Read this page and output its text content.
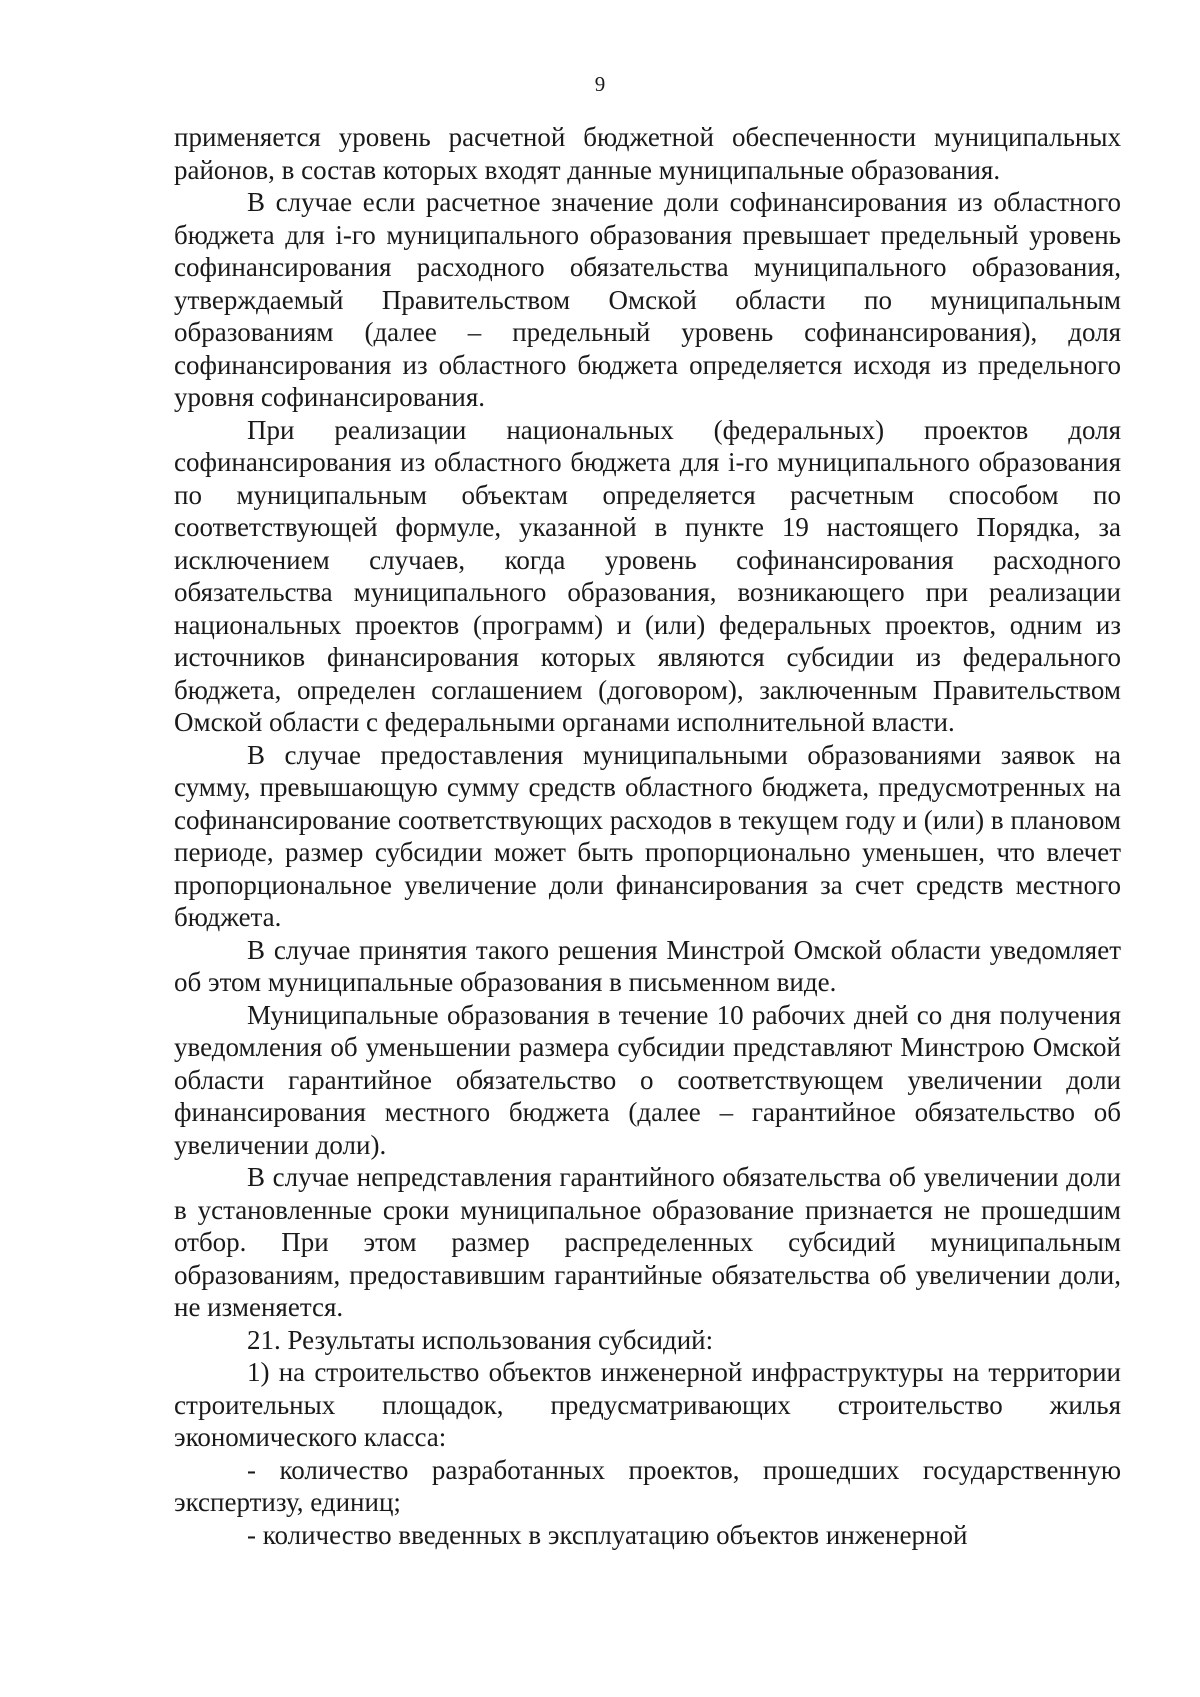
9

применяется уровень расчетной бюджетной обеспеченности муниципальных районов, в состав которых входят данные муниципальные образования.

В случае если расчетное значение доли софинансирования из областного бюджета для i-го муниципального образования превышает предельный уровень софинансирования расходного обязательства муниципального образования, утверждаемый Правительством Омской области по муниципальным образованиям (далее – предельный уровень софинансирования), доля софинансирования из областного бюджета определяется исходя из предельного уровня софинансирования.

При реализации национальных (федеральных) проектов доля софинансирования из областного бюджета для i-го муниципального образования по муниципальным объектам определяется расчетным способом по соответствующей формуле, указанной в пункте 19 настоящего Порядка, за исключением случаев, когда уровень софинансирования расходного обязательства муниципального образования, возникающего при реализации национальных проектов (программ) и (или) федеральных проектов, одним из источников финансирования которых являются субсидии из федерального бюджета, определен соглашением (договором), заключенным Правительством Омской области с федеральными органами исполнительной власти.

В случае предоставления муниципальными образованиями заявок на сумму, превышающую сумму средств областного бюджета, предусмотренных на софинансирование соответствующих расходов в текущем году и (или) в плановом периоде, размер субсидии может быть пропорционально уменьшен, что влечет пропорциональное увеличение доли финансирования за счет средств местного бюджета.

В случае принятия такого решения Минстрой Омской области уведомляет об этом муниципальные образования в письменном виде.

Муниципальные образования в течение 10 рабочих дней со дня получения уведомления об уменьшении размера субсидии представляют Минстрою Омской области гарантийное обязательство о соответствующем увеличении доли финансирования местного бюджета (далее – гарантийное обязательство об увеличении доли).

В случае непредставления гарантийного обязательства об увеличении доли в установленные сроки муниципальное образование признается не прошедшим отбор. При этом размер распределенных субсидий муниципальным образованиям, предоставившим гарантийные обязательства об увеличении доли, не изменяется.

21. Результаты использования субсидий:

1) на строительство объектов инженерной инфраструктуры на территории строительных площадок, предусматривающих строительство жилья экономического класса:

- количество разработанных проектов, прошедших государственную экспертизу, единиц;

- количество введенных в эксплуатацию объектов инженерной
